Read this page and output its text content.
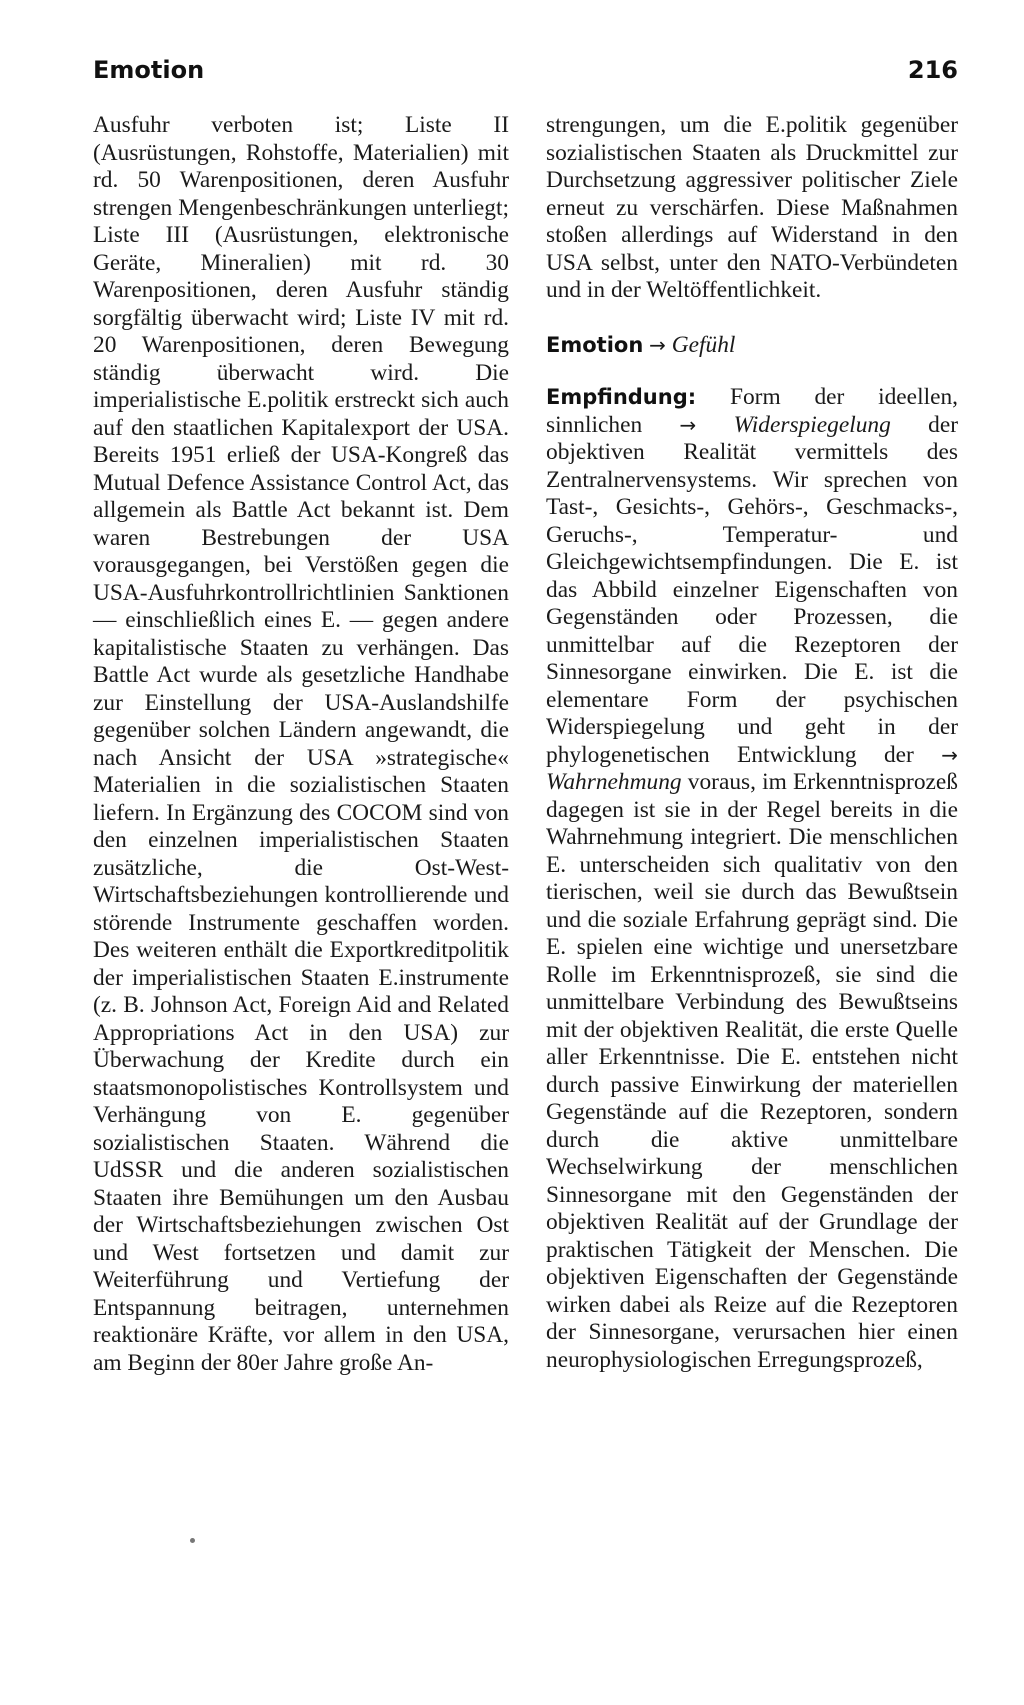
Emotion	216

Ausfuhr verboten ist; Liste II (Ausrüstungen, Rohstoffe, Materialien) mit rd. 50 Warenpositionen, deren Ausfuhr strengen Mengenbeschränkungen unterliegt; Liste III (Ausrüstungen, elektronische Geräte, Mineralien) mit rd. 30 Warenpositionen, deren Ausfuhr ständig sorgfältig überwacht wird; Liste IV mit rd. 20 Warenpositionen, deren Bewegung ständig überwacht wird. Die imperialistische E.politik erstreckt sich auch auf den staatlichen Kapitalexport der USA. Bereits 1951 erließ der USA-Kongreß das Mutual Defence Assistance Control Act, das allgemein als Battle Act bekannt ist. Dem waren Bestrebungen der USA vorausgegangen, bei Verstößen gegen die USA-Ausfuhrkontrollrichtlinien Sanktionen — einschließlich eines E. — gegen andere kapitalistische Staaten zu verhängen. Das Battle Act wurde als gesetzliche Handhabe zur Einstellung der USA-Auslandshilfe gegenüber solchen Ländern angewandt, die nach Ansicht der USA »strategische« Materialien in die sozialistischen Staaten liefern. In Ergänzung des COCOM sind von den einzelnen imperialistischen Staaten zusätzliche, die Ost-West-Wirtschaftsbeziehungen kontrollierende und störende Instrumente geschaffen worden. Des weiteren enthält die Exportkreditpolitik der imperialistischen Staaten E.instrumente (z. B. Johnson Act, Foreign Aid and Related Appropriations Act in den USA) zur Überwachung der Kredite durch ein staatsmonopolistisches Kontrollsystem und Verhängung von E. gegenüber sozialistischen Staaten. Während die UdSSR und die anderen sozialistischen Staaten ihre Bemühungen um den Ausbau der Wirtschaftsbeziehungen zwischen Ost und West fortsetzen und damit zur Weiterführung und Vertiefung der Entspannung beitragen, unternehmen reaktionäre Kräfte, vor allem in den USA, am Beginn der 80er Jahre große An-

strengungen, um die E.politik gegenüber sozialistischen Staaten als Druckmittel zur Durchsetzung aggressiver politischer Ziele erneut zu verschärfen. Diese Maßnahmen stoßen allerdings auf Widerstand in den USA selbst, unter den NATO-Verbündeten und in der Weltöffentlichkeit.

Emotion → Gefühl

Empfindung: Form der ideellen, sinnlichen → Widerspiegelung der objektiven Realität vermittels des Zentralnervensystems. Wir sprechen von Tast-, Gesichts-, Gehörs-, Geschmacks-, Geruchs-, Temperatur- und Gleichgewichtsempfindungen. Die E. ist das Abbild einzelner Eigenschaften von Gegenständen oder Prozessen, die unmittelbar auf die Rezeptoren der Sinnesorgane einwirken. Die E. ist die elementare Form der psychischen Widerspiegelung und geht in der phylogenetischen Entwicklung der → Wahrnehmung voraus, im Erkenntnisprozeß dagegen ist sie in der Regel bereits in die Wahrnehmung integriert. Die menschlichen E. unterscheiden sich qualitativ von den tierischen, weil sie durch das Bewußtsein und die soziale Erfahrung geprägt sind. Die E. spielen eine wichtige und unersetzbare Rolle im Erkenntnisprozeß, sie sind die unmittelbare Verbindung des Bewußtseins mit der objektiven Realität, die erste Quelle aller Erkenntnisse. Die E. entstehen nicht durch passive Einwirkung der materiellen Gegenstände auf die Rezeptoren, sondern durch die aktive unmittelbare Wechselwirkung der menschlichen Sinnesorgane mit den Gegenständen der objektiven Realität auf der Grundlage der praktischen Tätigkeit der Menschen. Die objektiven Eigenschaften der Gegenstände wirken dabei als Reize auf die Rezeptoren der Sinnesorgane, verursachen hier einen neurophysiologischen Erregungsprozeß,
